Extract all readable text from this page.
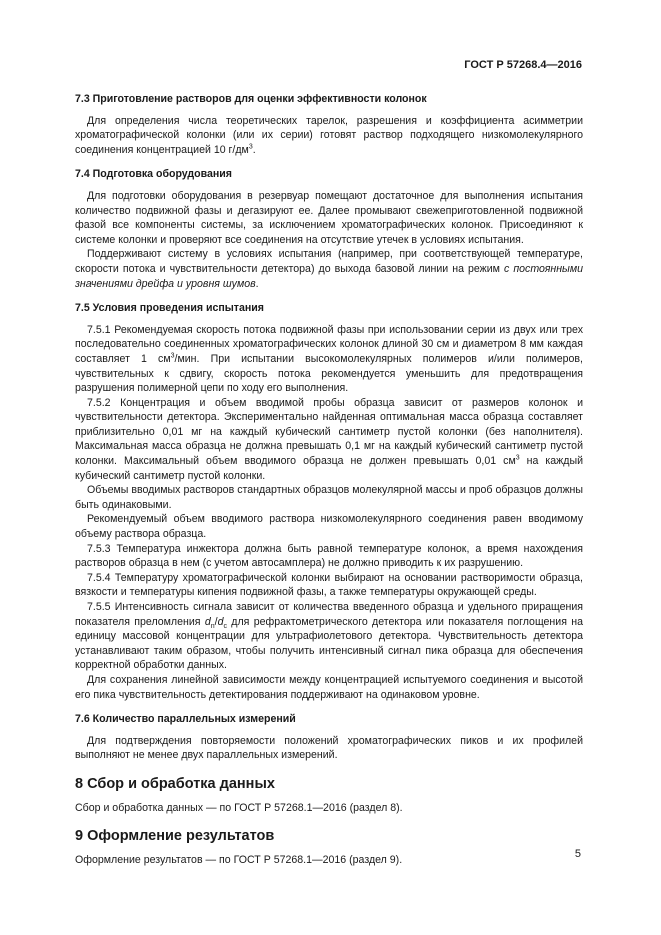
ГОСТ Р 57268.4—2016
7.3 Приготовление растворов для оценки эффективности колонок

Для определения числа теоретических тарелок, разрешения и коэффициента асимметрии хроматографической колонки (или их серии) готовят раствор подходящего низкомолекулярного соединения концентрацией 10 $г/дм^3$.

7.4 Подготовка оборудования

Для подготовки оборудования в резервуар помещают достаточное для выполнения испытания количество подвижной фазы и дегазируют ее. Далее промывают свежеприготовленной подвижной фазой все компоненты системы, за исключением хроматографических колонок. Присоединяют к системе колонки и проверяют все соединения на отсутствие утечек в условиях испытания.

Поддерживают систему в условиях испытания (например, при соответствующей температуре, скорости потока и чувствительности детектора) до выхода базовой линии на режим с постоянными значениями дрейфа и уровня шумов.

7.5 Условия проведения испытания

7.5.1 Рекомендуемая скорость потока подвижной фазы при использовании серии из двух или трех последовательно соединенных хроматографических колонок длиной 30 см и диаметром 8 мм каждая составляет 1 $см^3$/мин. При испытании высокомолекулярных полимеров и/или полимеров, чувствительных к сдвигу, скорость потока рекомендуется уменьшить для предотвращения разрушения полимерной цепи по ходу его выполнения.

7.5.2 Концентрация и объем вводимой пробы образца зависит от размеров колонок и чувствительности детектора. Экспериментально найденная оптимальная масса образца составляет приблизительно 0,01 мг на каждый кубический сантиметр пустой колонки (без наполнителя). Максимальная масса образца не должна превышать 0,1 мг на каждый кубический сантиметр пустой колонки. Максимальный объем вводимого образца не должен превышать 0,01 $см^3$ на каждый кубический сантиметр пустой колонки.

Объемы вводимых растворов стандартных образцов молекулярной массы и проб образцов должны быть одинаковыми.

Рекомендуемый объем вводимого раствора низкомолекулярного соединения равен вводимому объему раствора образца.

7.5.3 Температура инжектора должна быть равной температуре колонок, а время нахождения растворов образца в нем (с учетом автосамплера) не должно приводить к их разрушению.

7.5.4 Температуру хроматографической колонки выбирают на основании растворимости образца, вязкости и температуры кипения подвижной фазы, а также температуры окружающей среды.

7.5.5 Интенсивность сигнала зависит от количества введенного образца и удельного приращения показателя преломления $d_n/d_c$ для рефрактометрического детектора или показателя поглощения на единицу массовой концентрации для ультрафиолетового детектора. Чувствительность детектора устанавливают таким образом, чтобы получить интенсивный сигнал пика образца для обеспечения корректной обработки данных.

Для сохранения линейной зависимости между концентрацией испытуемого соединения и высотой его пика чувствительность детектирования поддерживают на одинаковом уровне.

7.6 Количество параллельных измерений

Для подтверждения повторяемости положений хроматографических пиков и их профилей выполняют не менее двух параллельных измерений.

8 Сбор и обработка данных

Сбор и обработка данных — по ГОСТ Р 57268.1—2016 (раздел 8).

9 Оформление результатов

Оформление результатов — по ГОСТ Р 57268.1—2016 (раздел 9).	5
